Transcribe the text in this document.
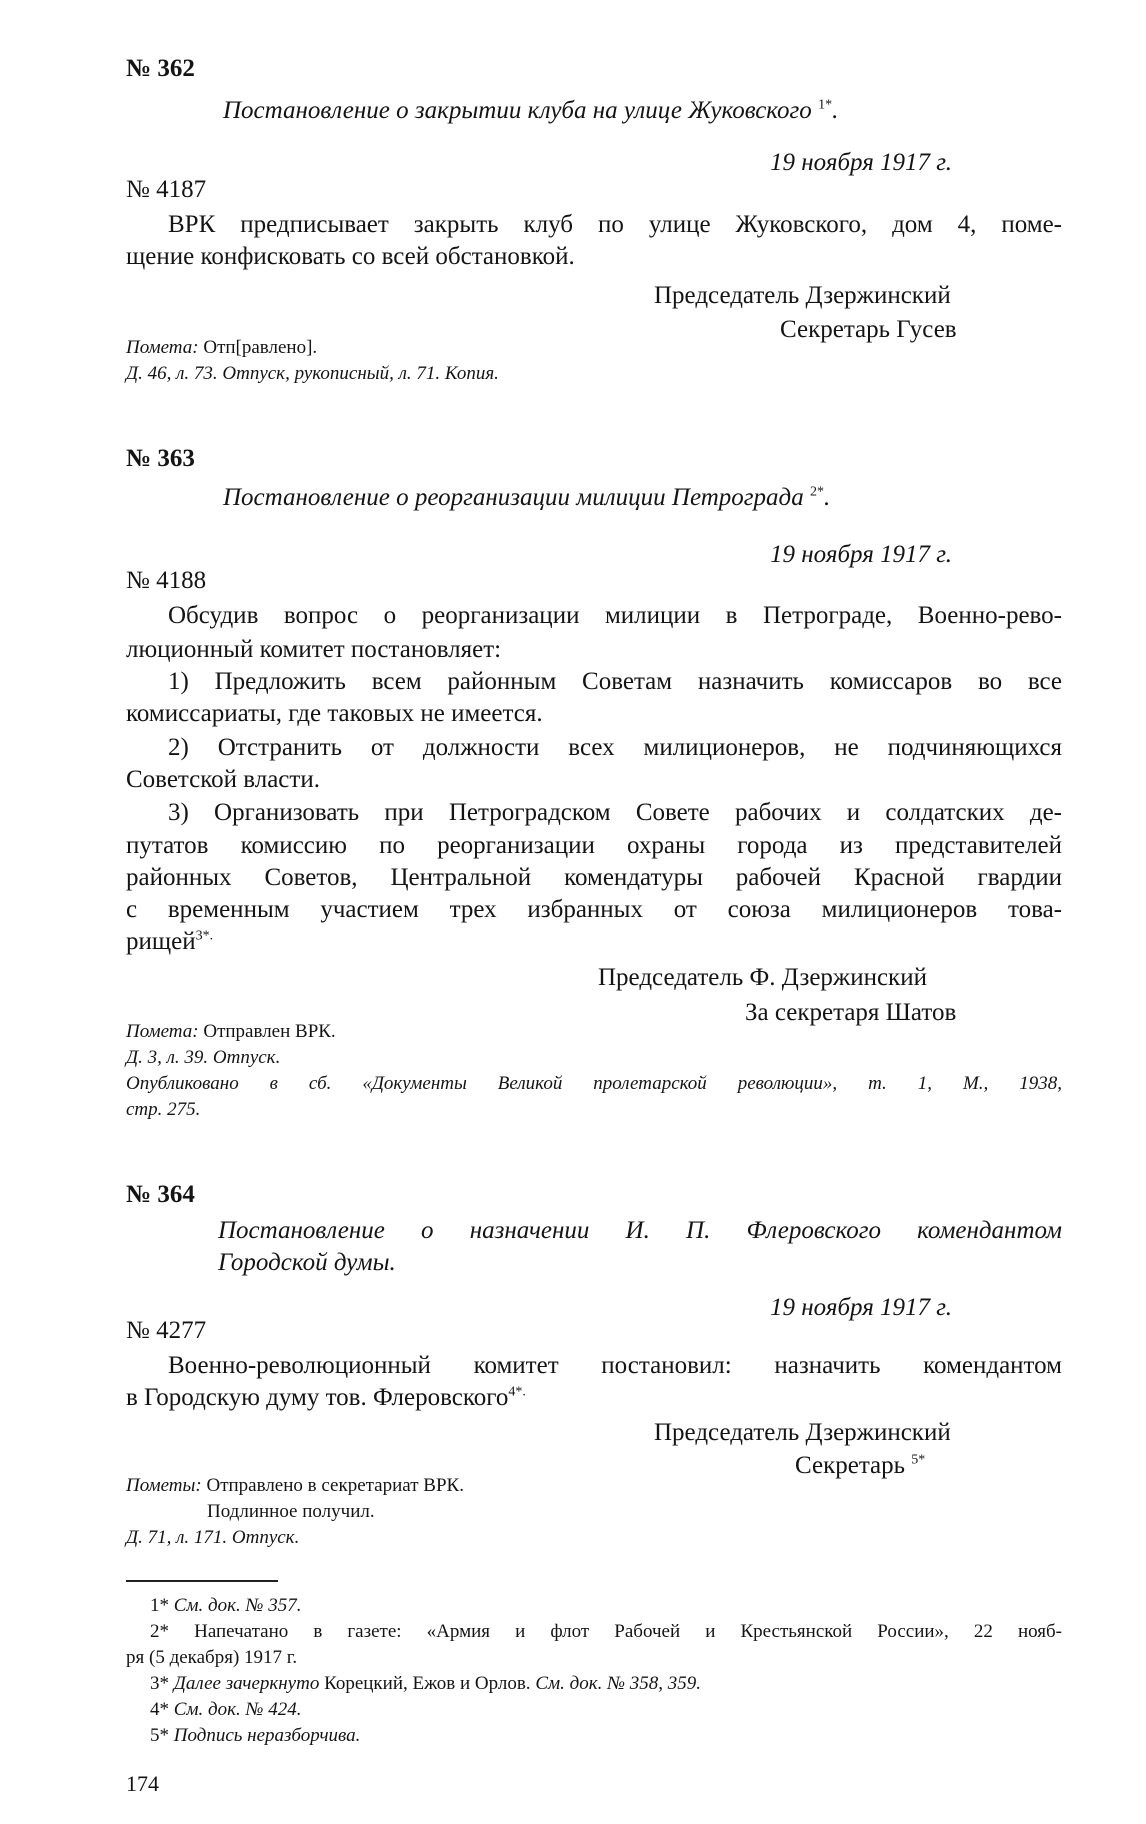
№ 362
Постановление о закрытии клуба на улице Жуковского $^{1*}$.
19 ноября 1917 г.
№ 4187
ВРК предписывает закрыть клуб по улице Жуковского, дом 4, поме-
щение конфисковать со всей обстановкой.
Председатель Дзержинский
Секретарь Гусев
Помета: Отп[равлено].
Д. 46, л. 73. Отпуск, рукописный, л. 71. Копия.
№ 363
Постановление о реорганизации милиции Петрограда $^{2*}$.
19 ноября 1917 г.
№ 4188
Обсудив вопрос о реорганизации милиции в Петрограде, Военно-рево-
люционный комитет постановляет:
1) Предложить всем районным Советам назначить комиссаров во все
комиссариаты, где таковых не имеется.
2) Отстранить от должности всех милиционеров, не подчиняющихся
Советской власти.
3) Организовать при Петроградском Совете рабочих и солдатских де-
путатов комиссию по реорганизации охраны города из представителей
районных Советов, Центральной комендатуры рабочей Красной гвардии
с временным участием трех избранных от союза милиционеров това-
рищей$^{3*.}$
Председатель Ф. Дзержинский
За секретаря Шатов
Помета: Отправлен ВРК.
Д. 3, л. 39. Отпуск.
Опубликовано в сб. «Документы Великой пролетарской революции», т. 1, М., 1938,
стр. 275.
№ 364
Постановление о назначении И. П. Флеровского комендантом
Городской думы.
19 ноября 1917 г.
№ 4277
Военно-революционный комитет постановил: назначить комендантом
в Городскую думу тов. Флеровского$^{4*.}$
Председатель Дзержинский
Секретарь $^{5*}$
Пометы: Отправлено в секретариат ВРК.
Подлинное получил.
Д. 71, л. 171. Отпуск.
1* См. док. № 357.
2* Напечатано в газете: «Армия и флот Рабочей и Крестьянской России», 22 нояб-
ря (5 декабря) 1917 г.
3* Далее зачеркнуто Корецкий, Ежов и Орлов. См. док. № 358, 359.
4* См. док. № 424.
5* Подпись неразборчива.
174
